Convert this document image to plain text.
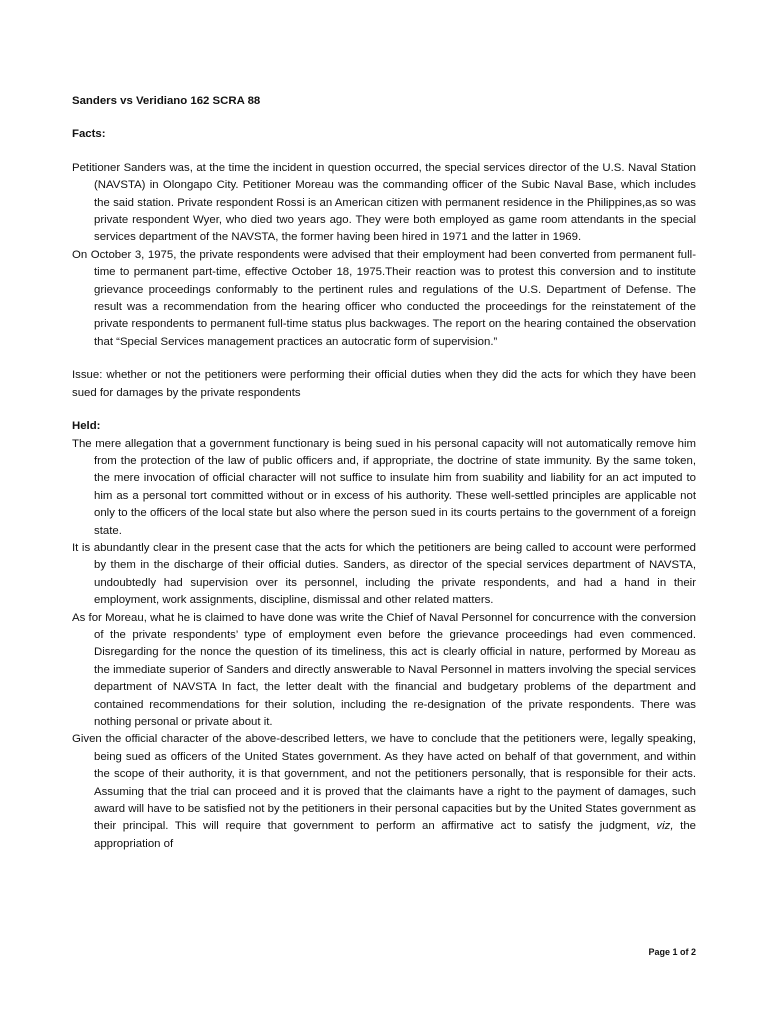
Sanders vs Veridiano 162 SCRA 88

Facts:

Petitioner Sanders was, at the time the incident in question occurred, the special services director of the U.S. Naval Station (NAVSTA) in Olongapo City. Petitioner Moreau was the commanding officer of the Subic Naval Base, which includes the said station. Private respondent Rossi is an American citizen with permanent residence in the Philippines,as so was private respondent Wyer, who died two years ago. They were both employed as game room attendants in the special services department of the NAVSTA, the former having been hired in 1971 and the latter in 1969.

On October 3, 1975, the private respondents were advised that their employment had been converted from permanent full-time to permanent part-time, effective October 18, 1975.Their reaction was to protest this conversion and to institute grievance proceedings conformably to the pertinent rules and regulations of the U.S. Department of Defense. The result was a recommendation from the hearing officer who conducted the proceedings for the reinstatement of the private respondents to permanent full-time status plus backwages. The report on the hearing contained the observation that “Special Services management practices an autocratic form of supervision.”

Issue: whether or not the petitioners were performing their official duties when they did the acts for which they have been sued for damages by the private respondents

Held:

The mere allegation that a government functionary is being sued in his personal capacity will not automatically remove him from the protection of the law of public officers and, if appropriate, the doctrine of state immunity. By the same token, the mere invocation of official character will not suffice to insulate him from suability and liability for an act imputed to him as a personal tort committed without or in excess of his authority. These well-settled principles are applicable not only to the officers of the local state but also where the person sued in its courts pertains to the government of a foreign state.

It is abundantly clear in the present case that the acts for which the petitioners are being called to account were performed by them in the discharge of their official duties. Sanders, as director of the special services department of NAVSTA, undoubtedly had supervision over its personnel, including the private respondents, and had a hand in their employment, work assignments, discipline, dismissal and other related matters.

As for Moreau, what he is claimed to have done was write the Chief of Naval Personnel for concurrence with the conversion of the private respondents’ type of employment even before the grievance proceedings had even commenced. Disregarding for the nonce the question of its timeliness, this act is clearly official in nature, performed by Moreau as the immediate superior of Sanders and directly answerable to Naval Personnel in matters involving the special services department of NAVSTA In fact, the letter dealt with the financial and budgetary problems of the department and contained recommendations for their solution, including the re-designation of the private respondents. There was nothing personal or private about it.

Given the official character of the above-described letters, we have to conclude that the petitioners were, legally speaking, being sued as officers of the United States government. As they have acted on behalf of that government, and within the scope of their authority, it is that government, and not the petitioners personally, that is responsible for their acts. Assuming that the trial can proceed and it is proved that the claimants have a right to the payment of damages, such award will have to be satisfied not by the petitioners in their personal capacities but by the United States government as their principal. This will require that government to perform an affirmative act to satisfy the judgment, viz, the appropriation of

Page 1 of 2
